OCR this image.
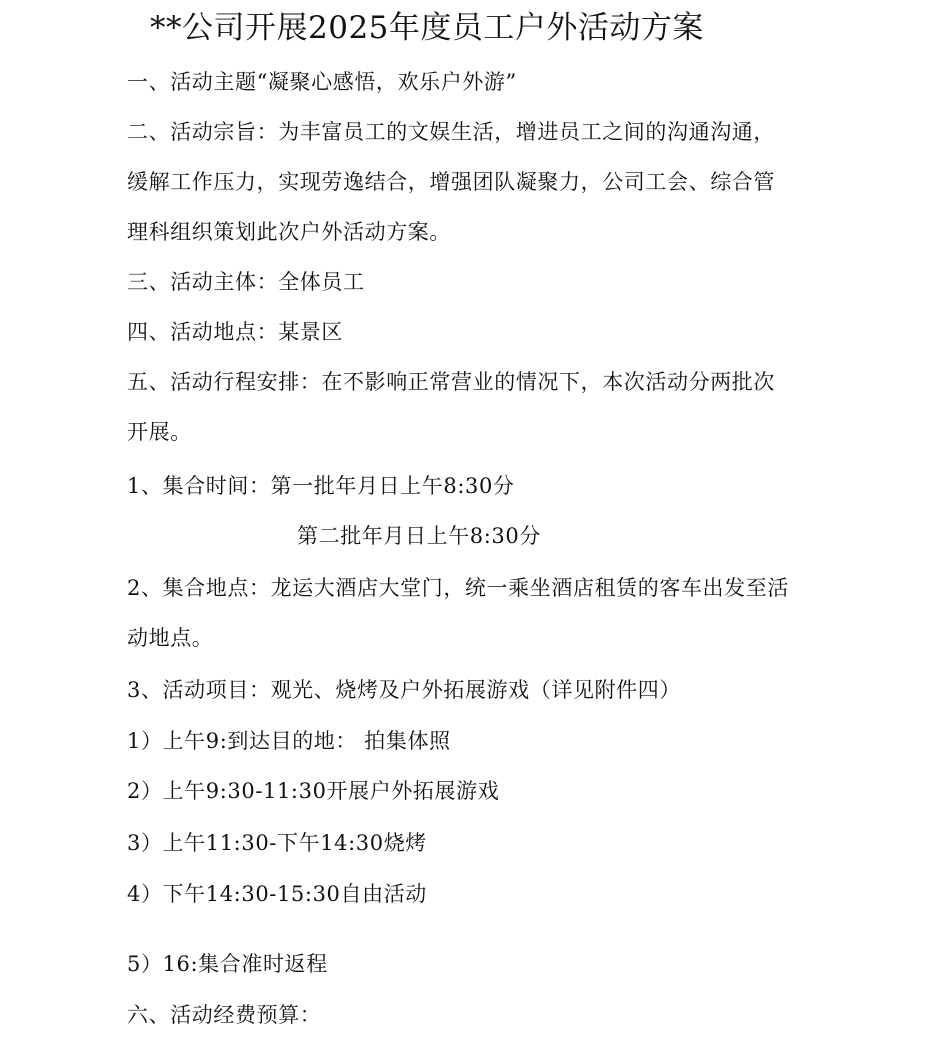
**公司开展2025年度员工户外活动方案
一、活动主题“凝聚心感悟，欢乐户外游”
二、活动宗旨：为丰富员工的文娱生活，增进员工之间的沟通沟通，
缓解工作压力，实现劳逸结合，增强团队凝聚力，公司工会、综合管
理科组织策划此次户外活动方案。
三、活动主体：全体员工
四、活动地点：某景区
五、活动行程安排：在不影响正常营业的情况下，本次活动分两批次
开展。
1、集合时间：第一批年月日上午8:30分
第二批年月日上午8:30分
2、集合地点：龙运大酒店大堂门，统一乘坐酒店租赁的客车出发至活
动地点。
3、活动项目：观光、烧烤及户外拓展游戏（详见附件四）
1）上午9:到达目的地： 拍集体照
2）上午9:30-11:30开展户外拓展游戏
3）上午11:30-下午14:30烧烤
4）下午14:30-15:30自由活动
5）16:集合准时返程
六、活动经费预算：
